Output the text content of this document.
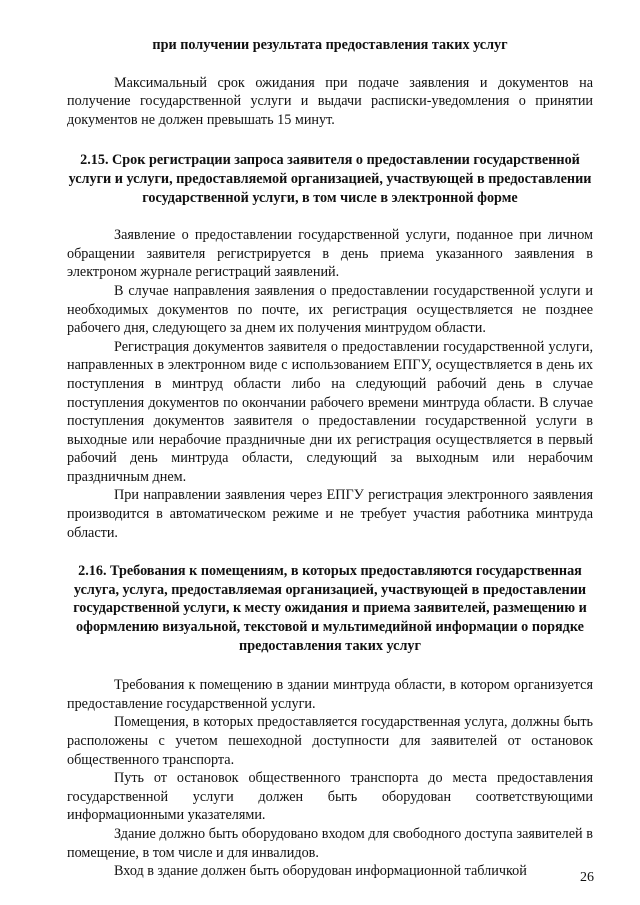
при получении результата предоставления таких услуг

Максимальный срок ожидания при подаче заявления и документов на получение государственной услуги и выдачи расписки-уведомления о принятии документов не должен превышать 15 минут.

2.15. Срок регистрации запроса заявителя о предоставлении государственной услуги и услуги, предоставляемой организацией, участвующей в предоставлении государственной услуги, в том числе в электронной форме

Заявление о предоставлении государственной услуги, поданное при личном обращении заявителя регистрируется в день приема указанного заявления в электроном журнале регистраций заявлений.

В случае направления заявления о предоставлении государственной услуги и необходимых документов по почте, их регистрация осуществляется не позднее рабочего дня, следующего за днем их получения минтрудом области.

Регистрация документов заявителя о предоставлении государственной услуги, направленных в электронном виде с использованием ЕПГУ, осуществляется в день их поступления в минтруд области либо на следующий рабочий день в случае поступления документов по окончании рабочего времени минтруда области. В случае поступления документов заявителя о предоставлении государственной услуги в выходные или нерабочие праздничные дни их регистрация осуществляется в первый рабочий день минтруда области, следующий за выходным или нерабочим праздничным днем.

При направлении заявления через ЕПГУ регистрация электронного заявления производится в автоматическом режиме и не требует участия работника минтруда области.

2.16. Требования к помещениям, в которых предоставляются государственная услуга, услуга, предоставляемая организацией, участвующей в предоставлении государственной услуги, к месту ожидания и приема заявителей, размещению и оформлению визуальной, текстовой и мультимедийной информации о порядке предоставления таких услуг

Требования к помещению в здании минтруда области, в котором организуется предоставление государственной услуги.

Помещения, в которых предоставляется государственная услуга, должны быть расположены с учетом пешеходной доступности для заявителей от остановок общественного транспорта.

Путь от остановок общественного транспорта до места предоставления государственной услуги должен быть оборудован соответствующими информационными указателями.

Здание должно быть оборудовано входом для свободного доступа заявителей в помещение, в том числе и для инвалидов.

Вход в здание должен быть оборудован информационной табличкой	26
